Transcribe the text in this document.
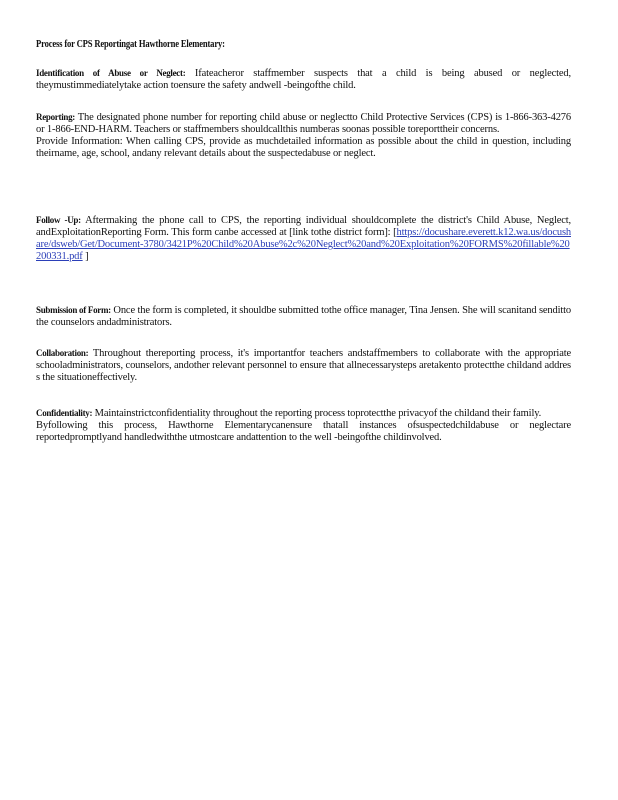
Process for CPS Reportingat Hawthorne Elementary:
Identification of Abuse or Neglect: Ifateacheror staffmember suspects that a child is being abused or neglected, theymustimmediatelytake action toensure the safety andwell -beingofthe child.
Reporting: The designated phone number for reporting child abuse or neglectto Child Protective Services (CPS) is 1-866-363-4276 or 1-866-END-HARM. Teachers or staffmembers shouldcallthis numberas soonas possible toreporttheir concerns.
Provide Information: When calling CPS, provide as muchdetailed information as possible about the child in question, including theirname, age, school, andany relevant details about the suspectedabuse or neglect.
Follow -Up: Aftermaking the phone call to CPS, the reporting individual shouldcomplete the district's Child Abuse, Neglect, andExploitationReporting Form. This form canbe accessed at [link tothe district form]: [https://docushare.everett.k12.wa.us/docushare/dsweb/Get/Document-3780/3421P%20Child%20Abuse%2c%20Neglect%20and%20Exploitation%20FORMS%20fillable%20200331.pdf ]
Submission of Form: Once the form is completed, it shouldbe submitted tothe office manager, Tina Jensen. She will scanitand senditto the counselors andadministrators.
Collaboration: Throughout thereporting process, it's importantfor teachers andstaffmembers to collaborate with the appropriate schooladministrators, counselors, andother relevant personnel to ensure that allnecessarysteps aretakento protectthe childand addres s the situationeffectively.
Confidentiality: Maintainstrictconfidentiality throughout the reporting process toprotectthe privacyof the childand their family.
Byfollowing this process, Hawthorne Elementarycanensure thatall instances ofsuspectedchildabuse or neglectare reportedpromptlyand handledwiththe utmostcare andattention to the well -beingofthe childinvolved.
